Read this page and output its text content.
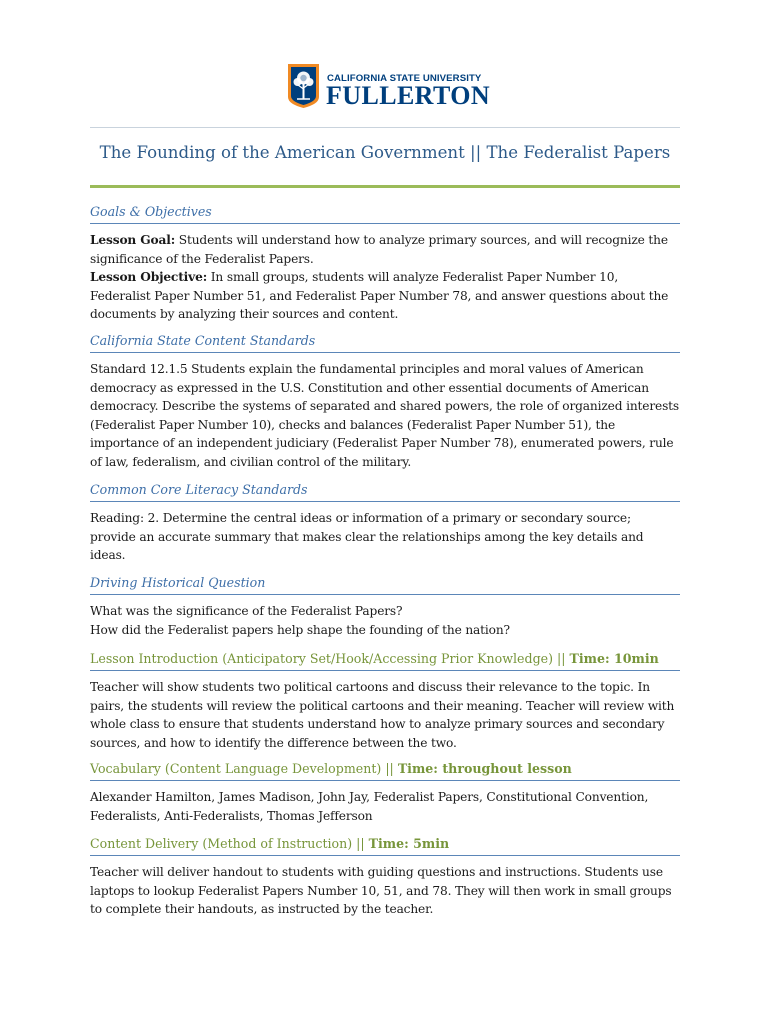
CALIFORNIA STATE UNIVERSITY
FULLERTON
The Founding of the American Government || The Federalist Papers
Goals & Objectives

Lesson Goal: Students will understand how to analyze primary sources, and will recognize the significance of the Federalist Papers.

Lesson Objective: In small groups, students will analyze Federalist Paper Number 10, Federalist Paper Number 51, and Federalist Paper Number 78, and answer questions about the documents by analyzing their sources and content.

California State Content Standards

Standard 12.1.5 Students explain the fundamental principles and moral values of American democracy as expressed in the U.S. Constitution and other essential documents of American democracy. Describe the systems of separated and shared powers, the role of organized interests (Federalist Paper Number 10), checks and balances (Federalist Paper Number 51), the importance of an independent judiciary (Federalist Paper Number 78), enumerated powers, rule of law, federalism, and civilian control of the military.

Common Core Literacy Standards

Reading: 2. Determine the central ideas or information of a primary or secondary source; provide an accurate summary that makes clear the relationships among the key details and ideas.

Driving Historical Question

What was the significance of the Federalist Papers?

How did the Federalist papers help shape the founding of the nation?

Lesson Introduction (Anticipatory Set/Hook/Accessing Prior Knowledge) || Time: 10min

Teacher will show students two political cartoons and discuss their relevance to the topic. In pairs, the students will review the political cartoons and their meaning. Teacher will review with whole class to ensure that students understand how to analyze primary sources and secondary sources, and how to identify the difference between the two.

Vocabulary (Content Language Development) || Time: throughout lesson

Alexander Hamilton, James Madison, John Jay, Federalist Papers, Constitutional Convention, Federalists, Anti-Federalists, Thomas Jefferson

Content Delivery (Method of Instruction) || Time: 5min

Teacher will deliver handout to students with guiding questions and instructions. Students use laptops to lookup Federalist Papers Number 10, 51, and 78. They will then work in small groups to complete their handouts, as instructed by the teacher.
